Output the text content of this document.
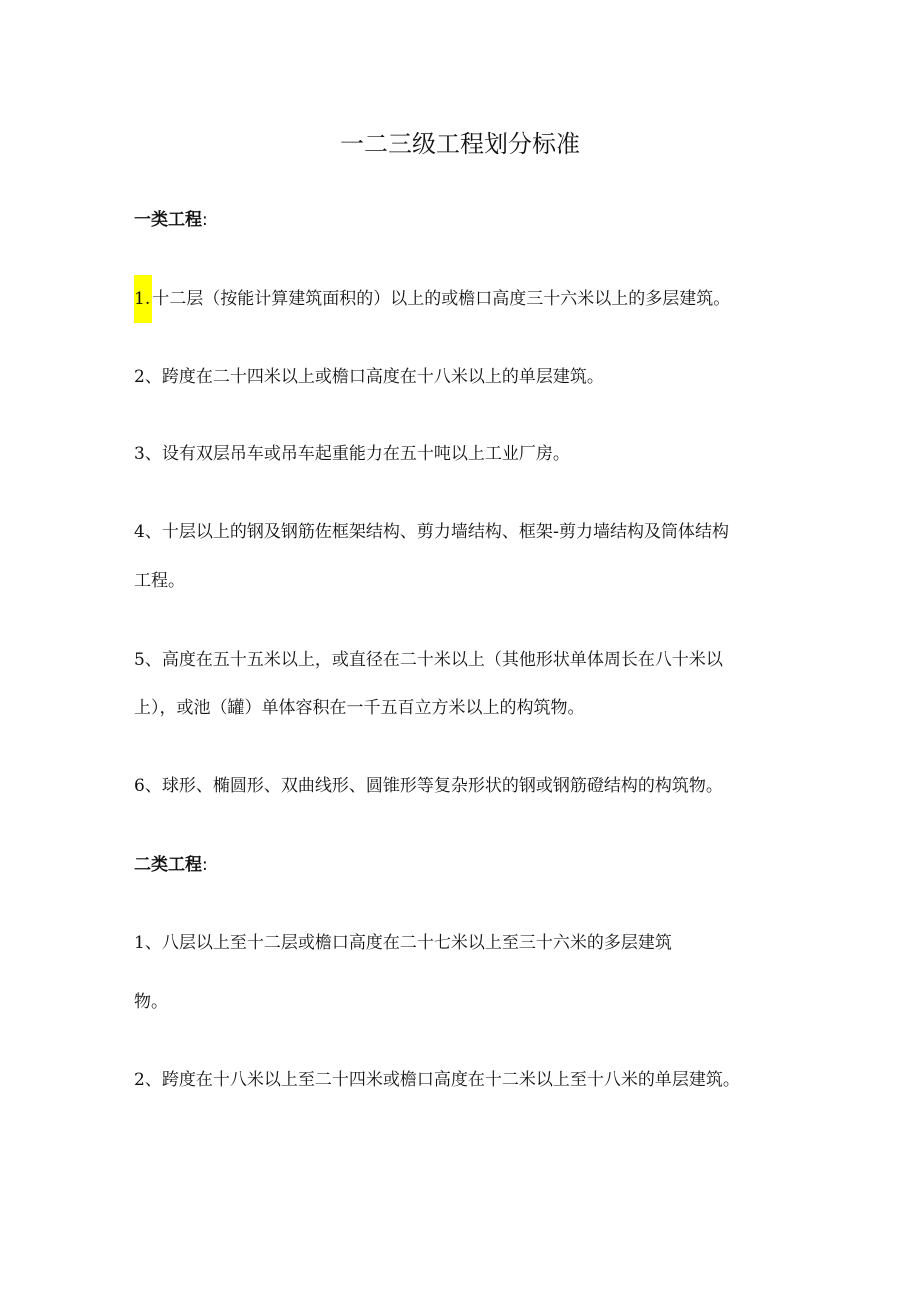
一二三级工程划分标准
一类工程:
1. 十二层（按能计算建筑面积的）以上的或檐口高度三十六米以上的多层建筑。
2、跨度在二十四米以上或檐口高度在十八米以上的单层建筑。
3、设有双层吊车或吊车起重能力在五十吨以上工业厂房。
4、十层以上的钢及钢筋佐框架结构、剪力墙结构、框架-剪力墙结构及筒体结构
工程。
5、高度在五十五米以上，或直径在二十米以上（其他形状单体周长在八十米以
上），或池（罐）单体容积在一千五百立方米以上的构筑物。
6、球形、椭圆形、双曲线形、圆锥形等复杂形状的钢或钢筋磴结构的构筑物。
二类工程:
1、八层以上至十二层或檐口高度在二十七米以上至三十六米的多层建筑
物。
2、跨度在十八米以上至二十四米或檐口高度在十二米以上至十八米的单层建筑。
